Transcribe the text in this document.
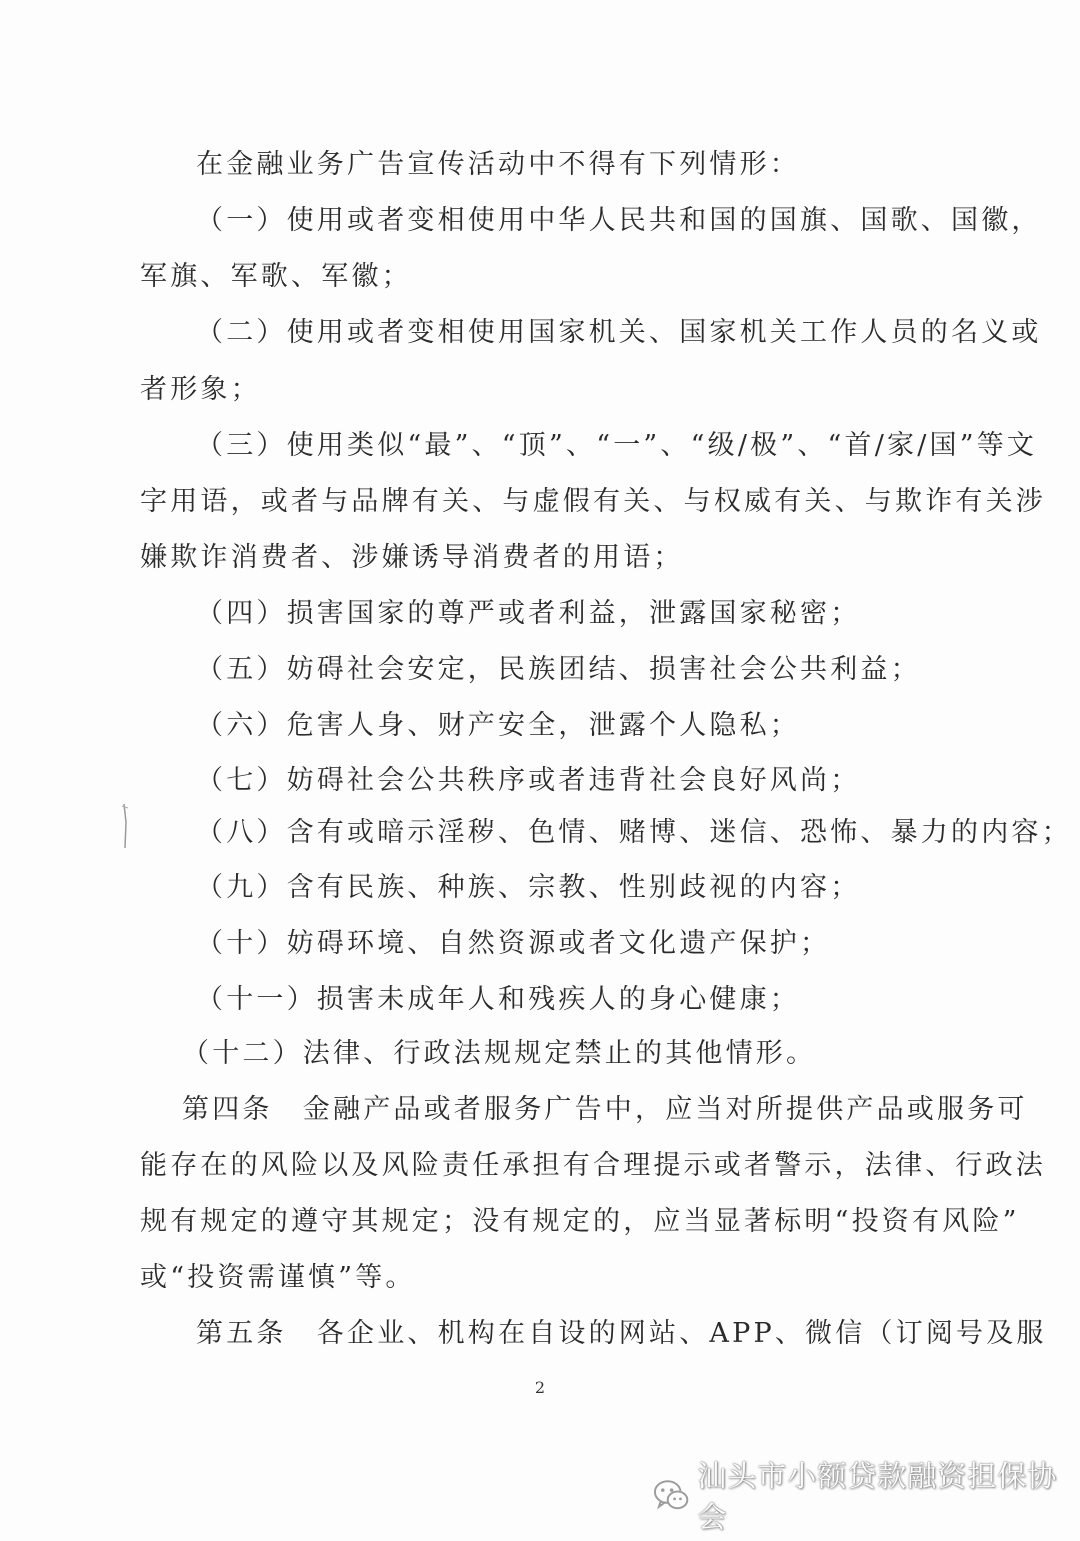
在金融业务广告宣传活动中不得有下列情形：
（一）使用或者变相使用中华人民共和国的国旗、国歌、国徽，
军旗、军歌、军徽；
（二）使用或者变相使用国家机关、国家机关工作人员的名义或
者形象；
（三）使用类似“最”、“顶”、“一”、“级/极”、“首/家/国”等文
字用语，或者与品牌有关、与虚假有关、与权威有关、与欺诈有关涉
嫌欺诈消费者、涉嫌诱导消费者的用语；
（四）损害国家的尊严或者利益，泄露国家秘密；
（五）妨碍社会安定，民族团结、损害社会公共利益；
（六）危害人身、财产安全，泄露个人隐私；
（七）妨碍社会公共秩序或者违背社会良好风尚；
（八）含有或暗示淫秽、色情、赌博、迷信、恐怖、暴力的内容；
（九）含有民族、种族、宗教、性别歧视的内容；
（十）妨碍环境、自然资源或者文化遗产保护；
（十一）损害未成年人和残疾人的身心健康；
（十二）法律、行政法规规定禁止的其他情形。
第四条　金融产品或者服务广告中，应当对所提供产品或服务可
能存在的风险以及风险责任承担有合理提示或者警示，法律、行政法
规有规定的遵守其规定；没有规定的，应当显著标明“投资有风险”
或“投资需谨慎”等。
第五条　各企业、机构在自设的网站、APP、微信（订阅号及服
2
汕头市小额贷款融资担保协会
